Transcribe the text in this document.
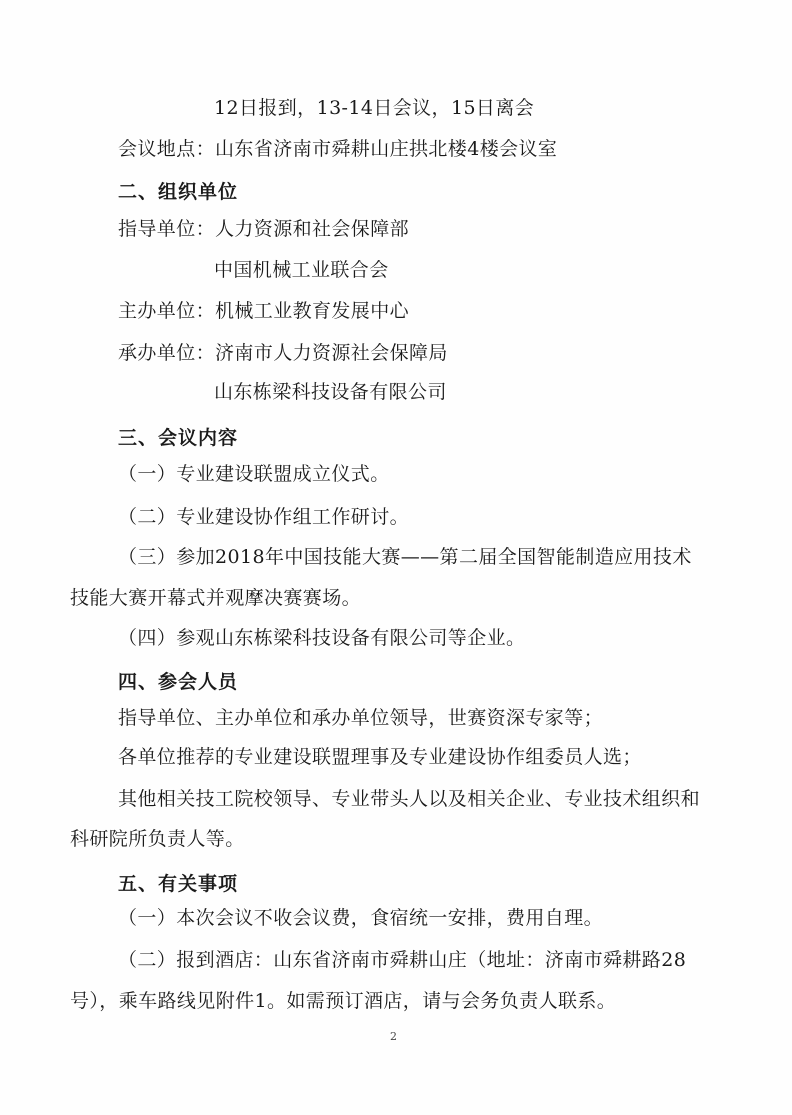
12日报到，13-14日会议，15日离会
会议地点：山东省济南市舜耕山庄拱北楼4楼会议室
二、组织单位
指导单位：人力资源和社会保障部
中国机械工业联合会
主办单位：机械工业教育发展中心
承办单位：济南市人力资源社会保障局
山东栋梁科技设备有限公司
三、会议内容
（一）专业建设联盟成立仪式。
（二）专业建设协作组工作研讨。
（三）参加2018年中国技能大赛——第二届全国智能制造应用技术
技能大赛开幕式并观摩决赛赛场。
（四）参观山东栋梁科技设备有限公司等企业。
四、参会人员
指导单位、主办单位和承办单位领导，世赛资深专家等；
各单位推荐的专业建设联盟理事及专业建设协作组委员人选；
其他相关技工院校领导、专业带头人以及相关企业、专业技术组织和
科研院所负责人等。
五、有关事项
（一）本次会议不收会议费，食宿统一安排，费用自理。
（二）报到酒店：山东省济南市舜耕山庄（地址：济南市舜耕路28
号），乘车路线见附件1。如需预订酒店，请与会务负责人联系。
2
